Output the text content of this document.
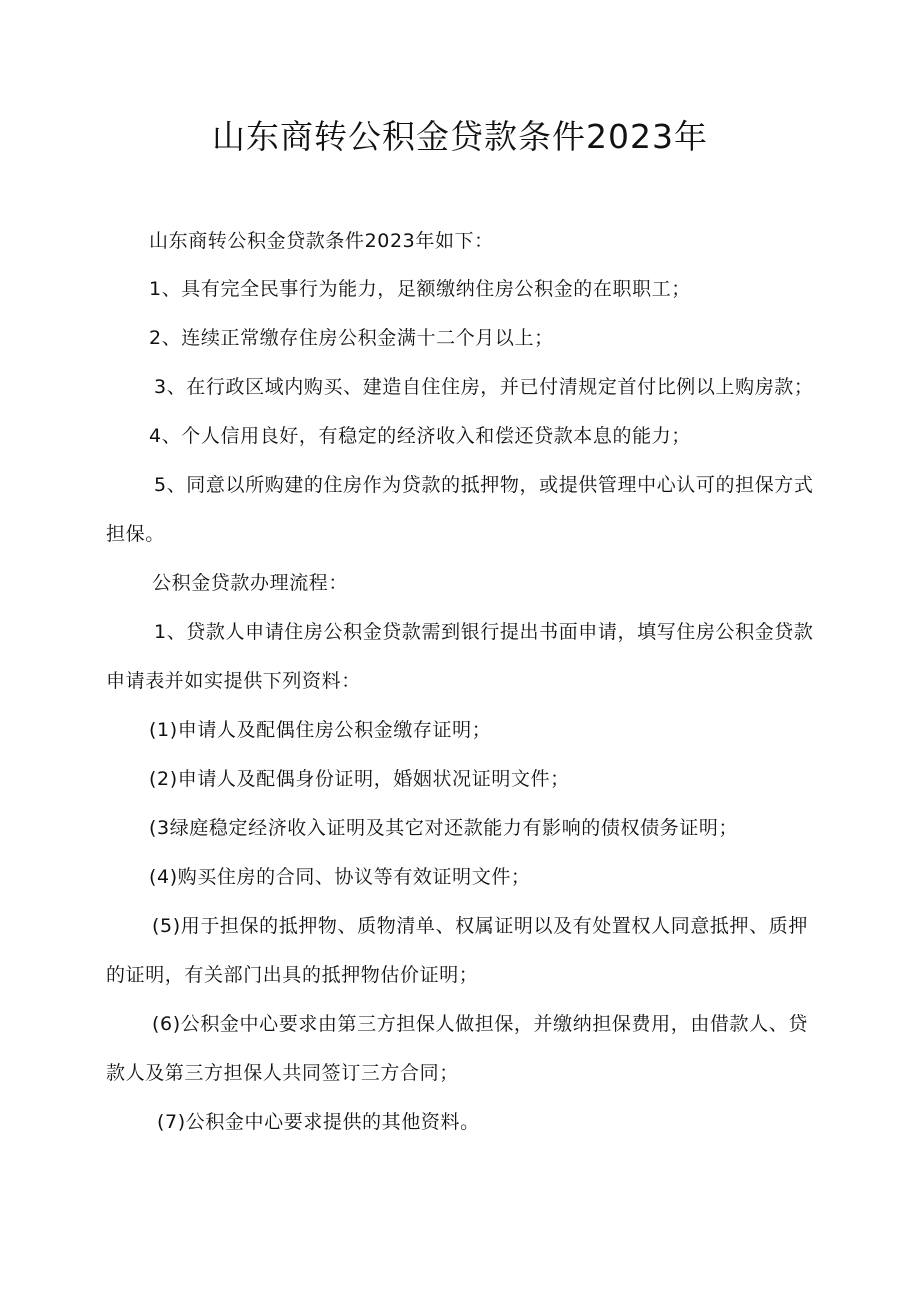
山东商转公积金贷款条件2023年
山东商转公积金贷款条件2023年如下：
1、具有完全民事行为能力，足额缴纳住房公积金的在职职工；
2、连续正常缴存住房公积金满十二个月以上；
3、在行政区域内购买、建造自住住房，并已付清规定首付比例以上购房款；
4、个人信用良好，有稳定的经济收入和偿还贷款本息的能力；
5、同意以所购建的住房作为贷款的抵押物，或提供管理中心认可的担保方式
担保。
公积金贷款办理流程：
1、贷款人申请住房公积金贷款需到银行提出书面申请，填写住房公积金贷款
申请表并如实提供下列资料：
(1)申请人及配偶住房公积金缴存证明；
(2)申请人及配偶身份证明，婚姻状况证明文件；
(3绿庭稳定经济收入证明及其它对还款能力有影响的债权债务证明；
(4)购买住房的合同、协议等有效证明文件；
(5)用于担保的抵押物、质物清单、权属证明以及有处置权人同意抵押、质押
的证明，有关部门出具的抵押物估价证明；
(6)公积金中心要求由第三方担保人做担保，并缴纳担保费用，由借款人、贷
款人及第三方担保人共同签订三方合同；
(7)公积金中心要求提供的其他资料。
